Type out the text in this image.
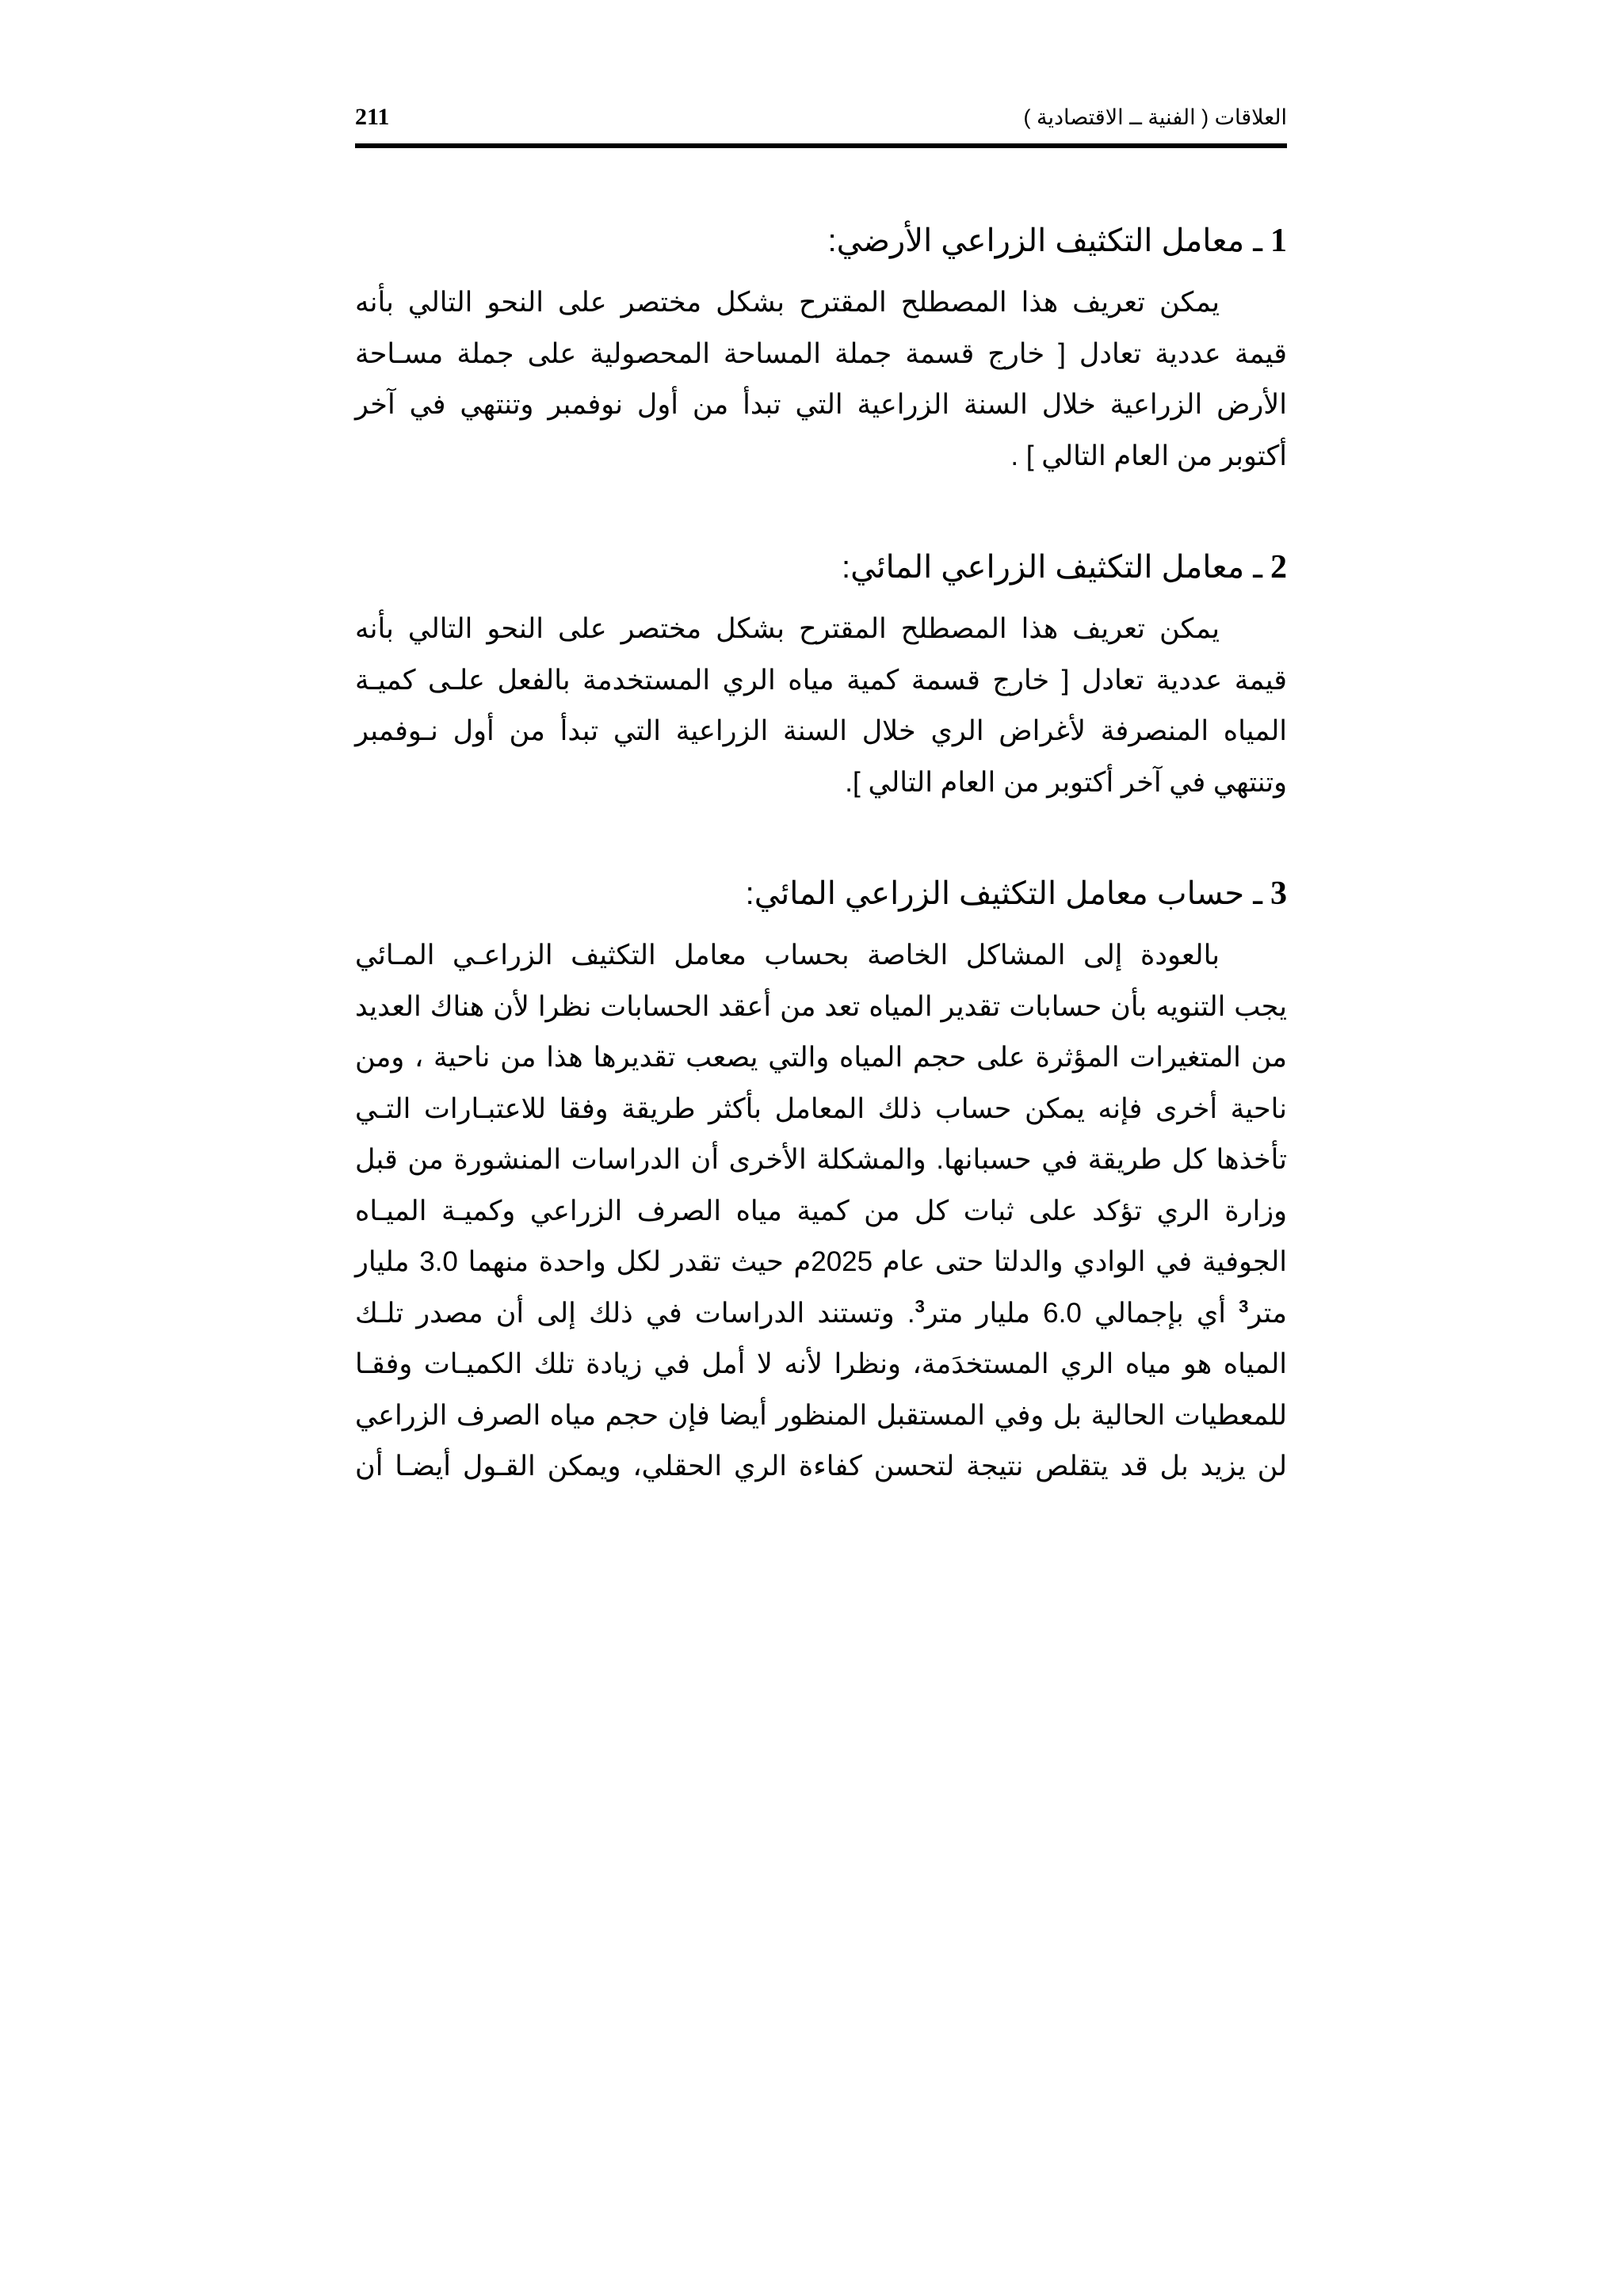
211	العلاقات ( الفنية ــ الاقتصادية )
1ـ معامل التكثيف الزراعي الأرضي:

يمكن تعريف هذا المصطلح المقترح بشكل مختصر على النحو التالي بأنه
قيمة عددية تعادل [ خارج قسمة جملة المساحة المحصولية على جملة مسـاحة
الأرض الزراعية خلال السنة الزراعية التي تبدأ من أول نوفمبر وتنتهي في آخر
أكتوبر من العام التالي ] .

2ـ معامل التكثيف الزراعي المائي:

يمكن تعريف هذا المصطلح المقترح بشكل مختصر على النحو التالي بأنه
قيمة عددية تعادل [ خارج قسمة كمية مياه الري المستخدمة بالفعل علـى كميـة
المياه المنصرفة لأغراض الري خلال السنة الزراعية التي تبدأ من أول نـوفمبر
وتنتهي في آخر أكتوبر من العام التالي ].

3ـ حساب معامل التكثيف الزراعي المائي:

بالعودة إلى المشاكل الخاصة بحساب معامل التكثيف الزراعـي المـائي
يجب التنويه بأن حسابات تقدير المياه تعد من أعقد الحسابات نظرا لأن هناك العديد
من المتغيرات المؤثرة على حجم المياه والتي يصعب تقديرها هذا من ناحية ، ومن
ناحية أخرى فإنه يمكن حساب ذلك المعامل بأكثر طريقة وفقا للاعتبـارات التـي
تأخذها كل طريقة في حسبانها. والمشكلة الأخرى أن الدراسات المنشورة من قبل
وزارة الري تؤكد على ثبات كل من كمية مياه الصرف الزراعي وكميـة الميـاه
الجوفية في الوادي والدلتا حتى عام 2025م حيث تقدر لكل واحدة منهما 3.0 مليار
متر$^3$ أي بإجمالي 6.0 مليار متر$^3$. وتستند الدراسات في ذلك إلى أن مصدر تلـك
المياه هو مياه الري المستخدَمة، ونظرا لأنه لا أمل في زيادة تلك الكميـات وفقـا
للمعطيات الحالية بل وفي المستقبل المنظور أيضا فإن حجم مياه الصرف الزراعي
لن يزيد بل قد يتقلص نتيجة لتحسن كفاءة الري الحقلي، ويمكن القـول أيضـا أن
